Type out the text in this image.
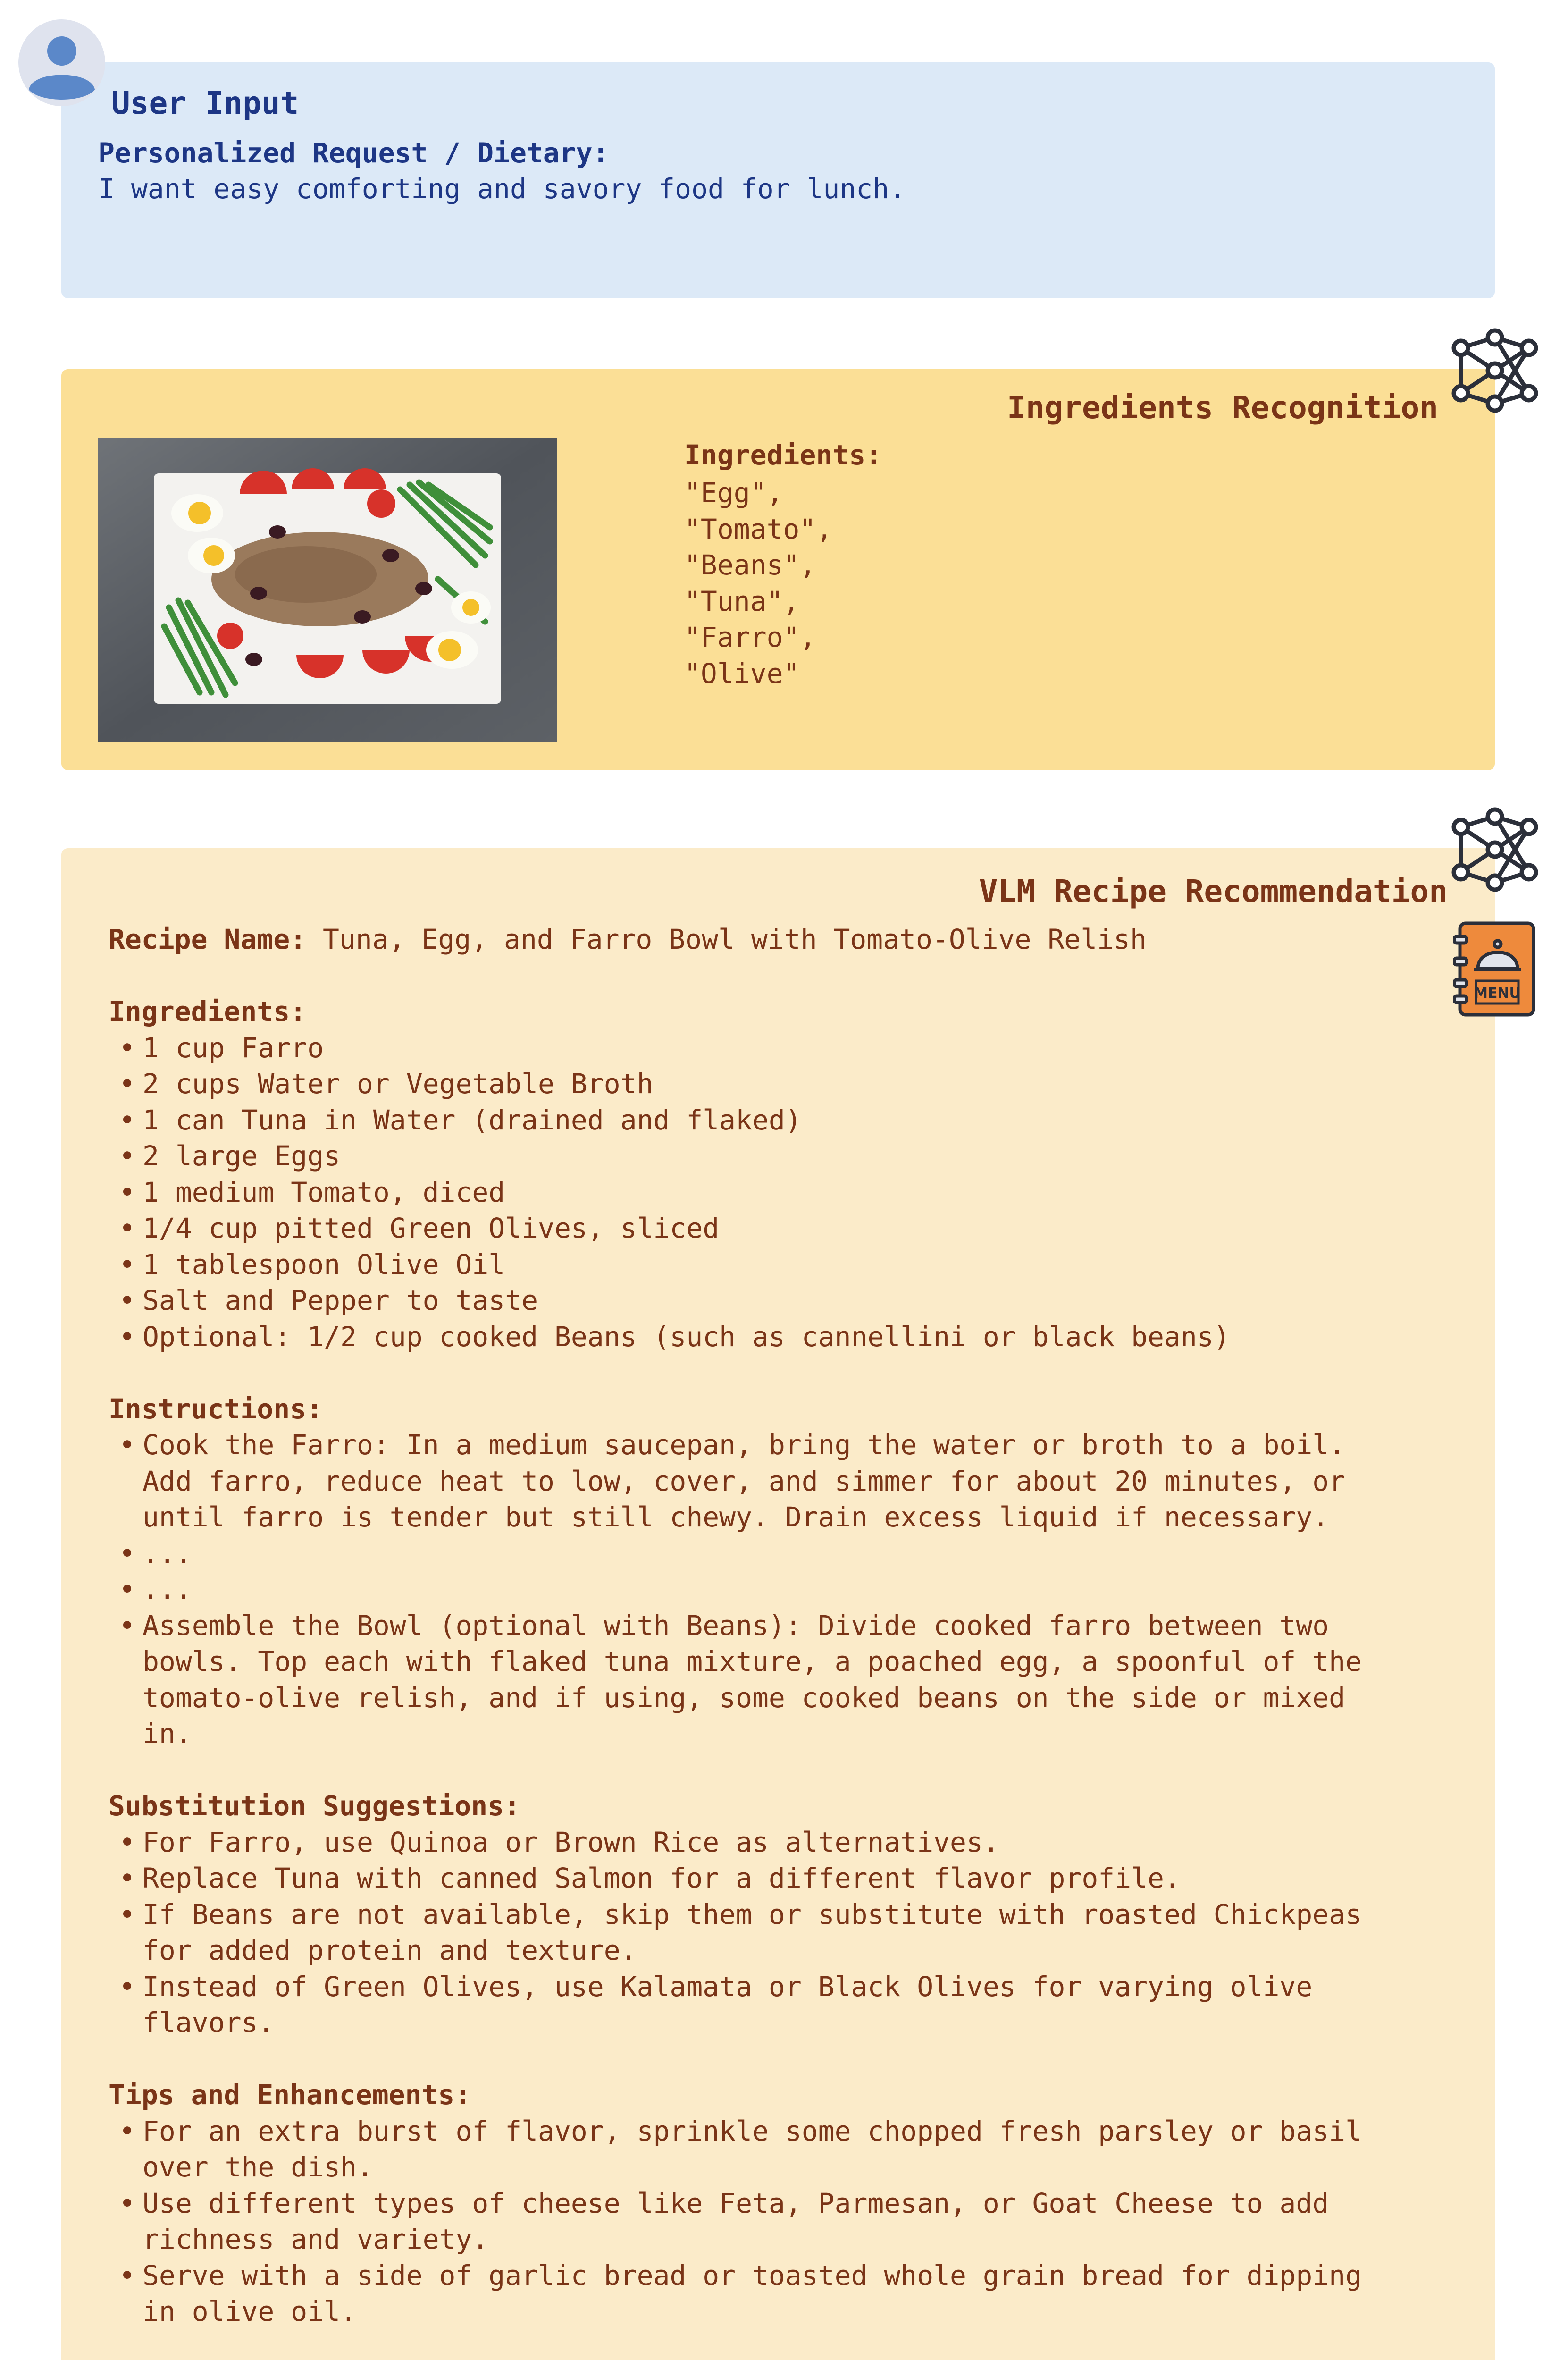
User Input
Personalized Request / Dietary:
I want easy comforting and savory food for lunch.
MENU
Ingredients Recognition
Ingredients:
"Egg",
"Tomato",
"Beans",
"Tuna",
"Farro",
"Olive"
VLM Recipe Recommendation
Recipe Name: Tuna, Egg, and Farro Bowl with Tomato-Olive Relish
Ingredients:
• 1 cup Farro
• 2 cups Water or Vegetable Broth
• 1 can Tuna in Water (drained and flaked)
• 2 large Eggs
• 1 medium Tomato, diced
• 1/4 cup pitted Green Olives, sliced
• 1 tablespoon Olive Oil
• Salt and Pepper to taste
• Optional: 1/2 cup cooked Beans (such as cannellini or black beans)
Instructions:
• Cook the Farro: In a medium saucepan, bring the water or broth to a boil.
Add farro, reduce heat to low, cover, and simmer for about 20 minutes, or
until farro is tender but still chewy. Drain excess liquid if necessary.
• ...
• ...
• Assemble the Bowl (optional with Beans): Divide cooked farro between two
bowls. Top each with flaked tuna mixture, a poached egg, a spoonful of the
tomato-olive relish, and if using, some cooked beans on the side or mixed
in.
Substitution Suggestions:
• For Farro, use Quinoa or Brown Rice as alternatives.
• Replace Tuna with canned Salmon for a different flavor profile.
• If Beans are not available, skip them or substitute with roasted Chickpeas
for added protein and texture.
• Instead of Green Olives, use Kalamata or Black Olives for varying olive
flavors.
Tips and Enhancements:
• For an extra burst of flavor, sprinkle some chopped fresh parsley or basil
over the dish.
• Use different types of cheese like Feta, Parmesan, or Goat Cheese to add
richness and variety.
• Serve with a side of garlic bread or toasted whole grain bread for dipping
in olive oil.
